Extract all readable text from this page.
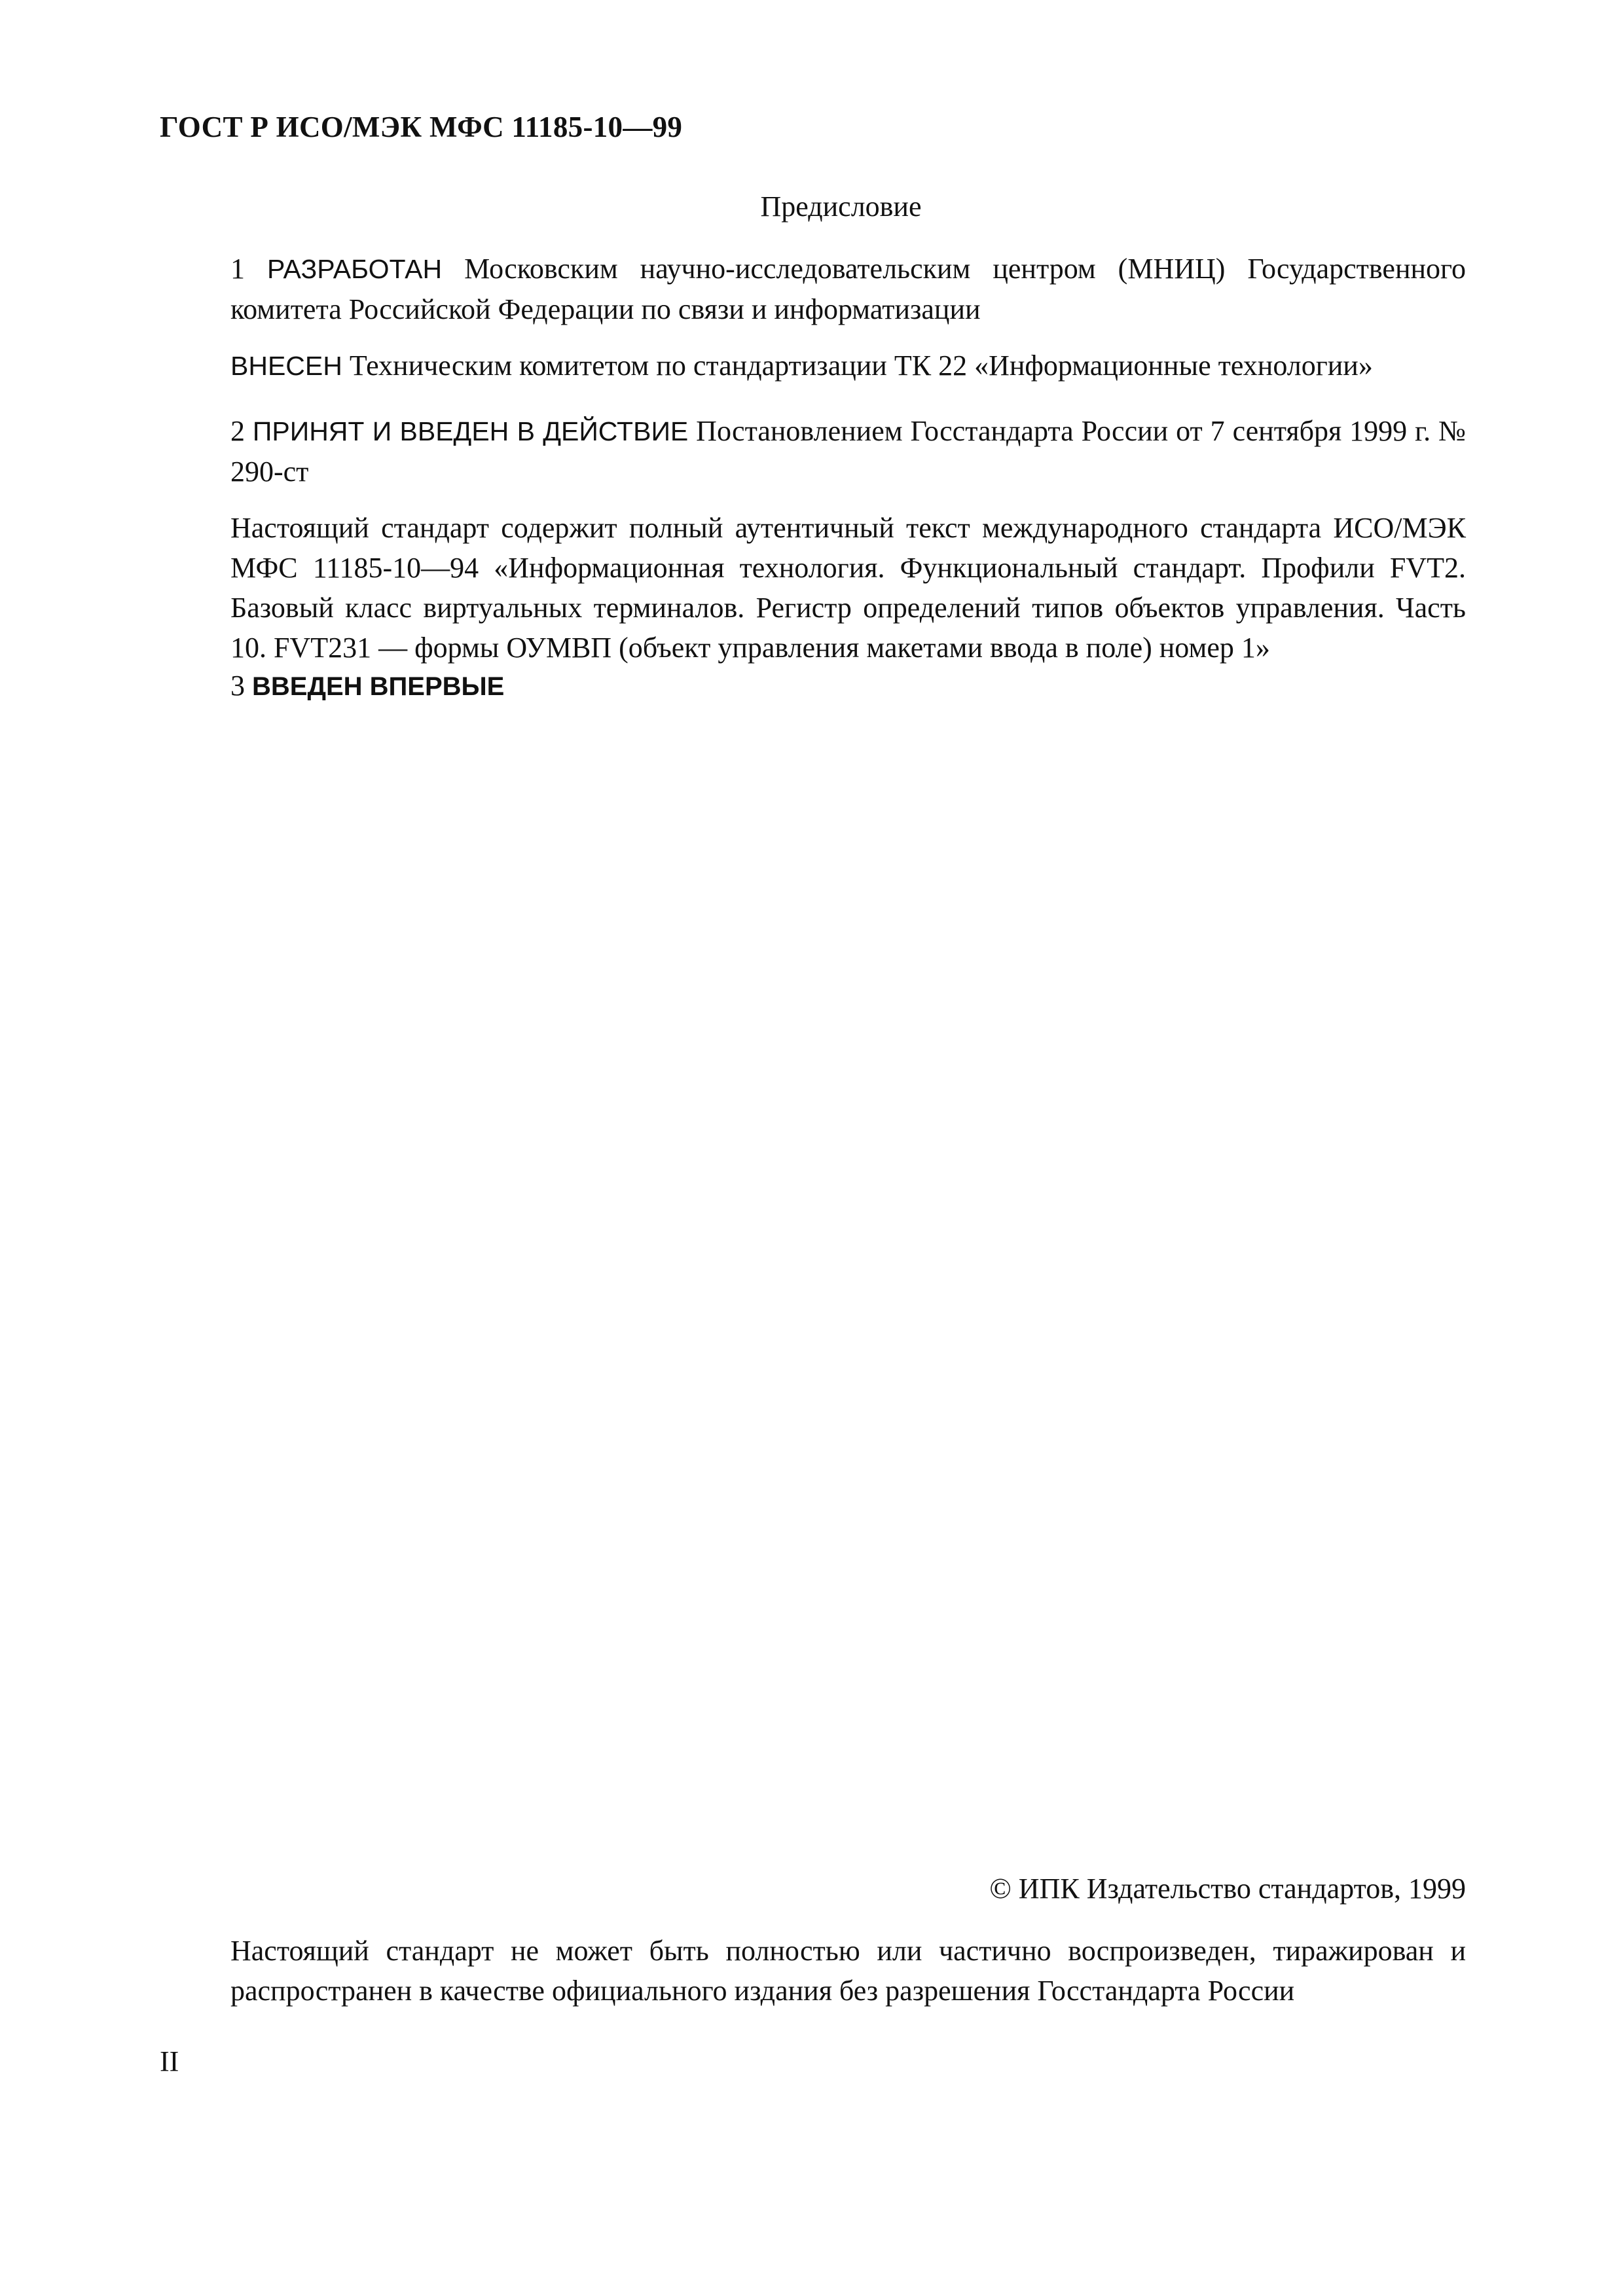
ГОСТ Р ИСО/МЭК МФС 11185-10—99
Предисловие
1 РАЗРАБОТАН Московским научно-исследовательским центром (МНИЦ) Государственного комитета Российской Федерации по связи и информатизации
ВНЕСЕН Техническим комитетом по стандартизации ТК 22 «Информационные технологии»
2 ПРИНЯТ И ВВЕДЕН В ДЕЙСТВИЕ Постановлением Госстандарта России от 7 сентября 1999 г. № 290-ст
Настоящий стандарт содержит полный аутентичный текст международного стандарта ИСО/МЭК МФС 11185-10—94 «Информационная технология. Функциональный стандарт. Профили FVT2. Базовый класс виртуальных терминалов. Регистр определений типов объектов управления. Часть 10. FVT231 — формы ОУМВП (объект управления макетами ввода в поле) номер 1»
3 ВВЕДЕН ВПЕРВЫЕ
© ИПК Издательство стандартов, 1999
Настоящий стандарт не может быть полностью или частично воспроизведен, тиражирован и распространен в качестве официального издания без разрешения Госстандарта России
II
